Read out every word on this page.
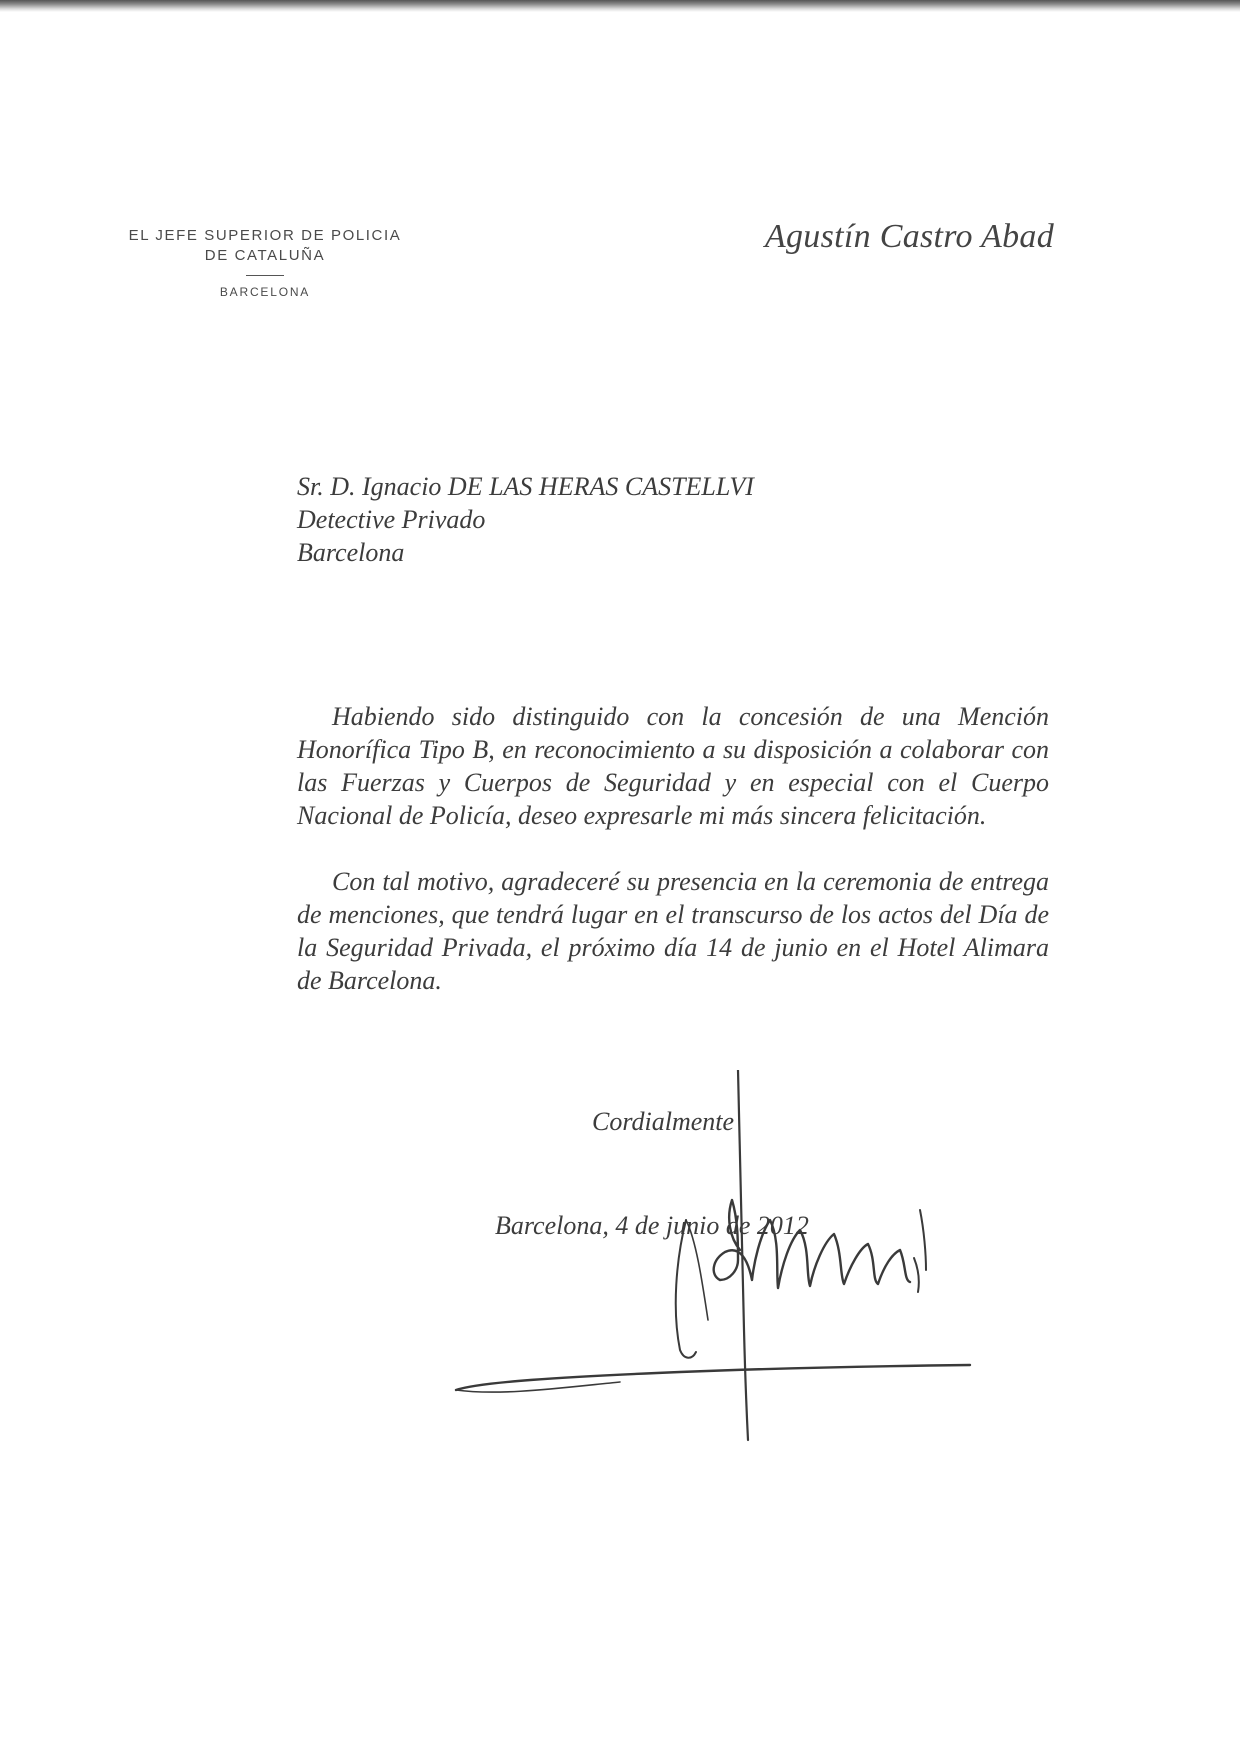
EL JEFE SUPERIOR DE POLICIA
DE CATALUÑA
BARCELONA
Agustín Castro Abad
Sr. D. Ignacio DE LAS HERAS CASTELLVI
Detective Privado
Barcelona

Habiendo sido distinguido con la concesión de una Mención Honorífica Tipo B, en reconocimiento a su disposición a colaborar con las Fuerzas y Cuerpos de Seguridad y en especial con el Cuerpo Nacional de Policía, deseo expresarle mi más sincera felicitación.

Con tal motivo, agradeceré su presencia en la ceremonia de entrega de menciones, que tendrá lugar en el transcurso de los actos del Día de la Seguridad Privada, el próximo día 14 de junio en el Hotel Alimara de Barcelona.

Cordialmente
Barcelona, 4 de junio de 2012
